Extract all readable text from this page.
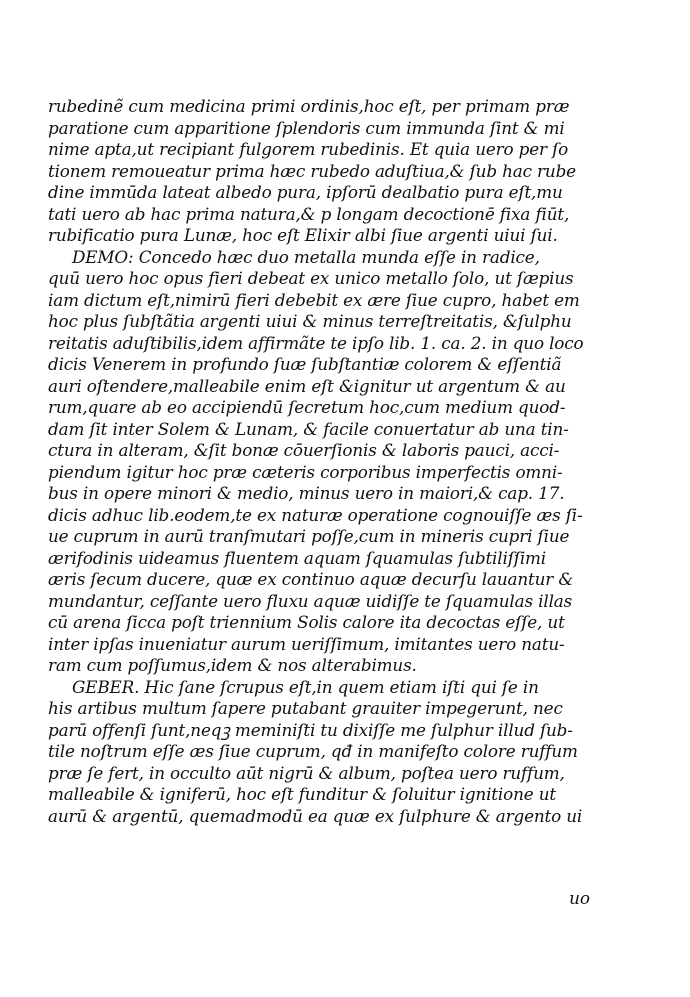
rubedinẽ cum medicina primi ordinis,hoc eſt, per primam præ
paratione cum apparitione ſplendoris cum immunda ſint & mi
nime apta,ut recipiant fulgorem rubedinis. Et quia uero per ſo
tionem remoueatur prima hæc rubedo aduſtiua,& ſub hac rube
dine immūda lateat albedo pura, ipſorū dealbatio pura eſt,mu
tati uero ab hac prima natura,& p longam decoctionē fixa fiūt,
rubificatio pura Lunæ, hoc eſt Elixir albi ſiue argenti uiui ſui.
DEMO: Concedo hæc duo metalla munda eſſe in radice,
quū uero hoc opus fieri debeat ex unico metallo ſolo, ut ſæpius
iam dictum eſt,nimirū fieri debebit ex ære ſiue cupro, habet em
hoc plus ſubſtãtia argenti uiui & minus terreſtreitatis, &ſulphu
reitatis aduſtibilis,idem affirmãte te ipſo lib. 1. ca. 2. in quo loco
dicis Venerem in profundo ſuæ ſubſtantiæ colorem & eſſentiã
auri oſtendere,malleabile enim eſt &ignitur ut argentum & au
rum,quare ab eo accipiendū ſecretum hoc,cum medium quod-
dam ſit inter Solem & Lunam, & facile conuertatur ab una tin-
ctura in alteram, &ſit bonæ cōuerſionis & laboris pauci, acci-
piendum igitur hoc præ cæteris corporibus imperfectis omni-
bus in opere minori & medio, minus uero in maiori,& cap. 17.
dicis adhuc lib.eodem,te ex naturæ operatione cognouiſſe æs ſi-
ue cuprum in aurū tranſmutari poſſe,cum in mineris cupri ſiue
ærifodinis uideamus fluentem aquam ſquamulas ſubtiliſſimi
æris ſecum ducere, quæ ex continuo aquæ decurſu lauantur &
mundantur, ceſſante uero fluxu aquæ uidiſſe te ſquamulas illas
cū arena ſicca poſt triennium Solis calore ita decoctas eſſe, ut
inter ipſas inueniatur aurum ueriſſimum, imitantes uero natu-
ram cum poſſumus,idem & nos alterabimus.
GEBER. Hic ſane ſcrupus eſt,in quem etiam iſti qui ſe in
his artibus multum ſapere putabant grauiter impegerunt, nec
parū offenſi ſunt,neqꝫ meminiſti tu dixiſſe me ſulphur illud ſub-
tile noſtrum eſſe æs ſiue cuprum, qđ in manifeſto colore ruffum
præ ſe fert, in occulto aūt nigrū & album, poſtea uero ruffum,
malleabile & igniferū, hoc eſt funditur & ſoluitur ignitione ut
aurū & argentū, quemadmodū ea quæ ex ſulphure & argento ui
uo
